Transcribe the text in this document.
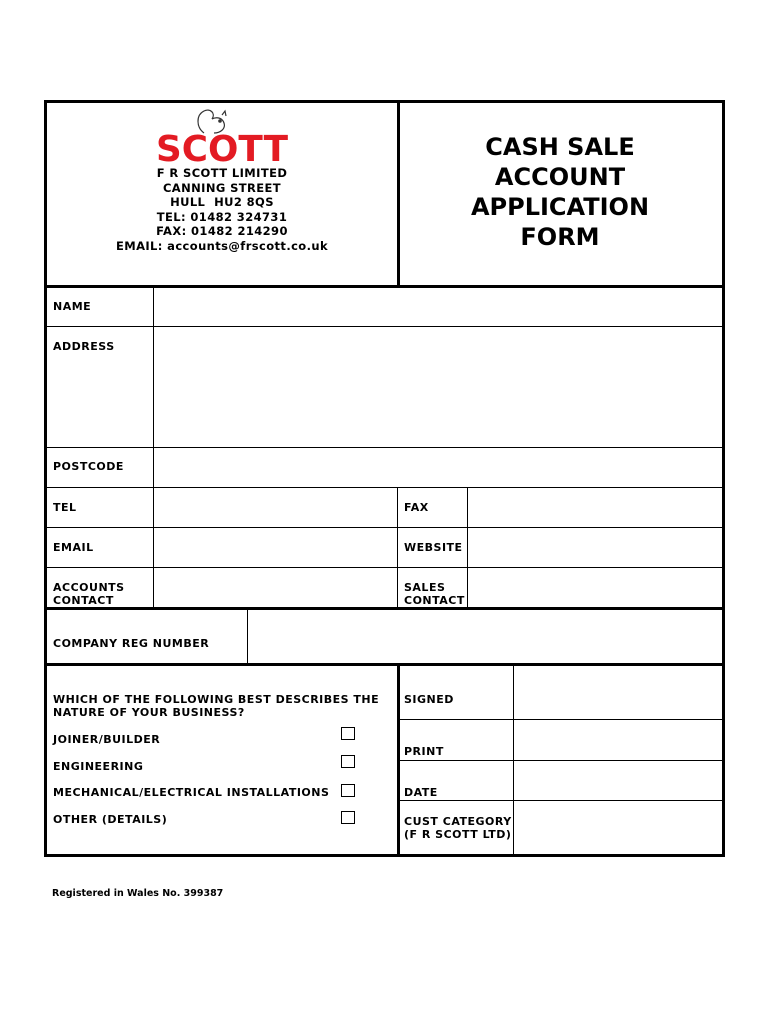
SCOTT
F R SCOTT LIMITED
CANNING STREET
HULL  HU2 8QS
TEL: 01482 324731
FAX: 01482 214290
EMAIL: accounts@frscott.co.uk
CASH SALE
ACCOUNT
APPLICATION
FORM
NAME
ADDRESS
POSTCODE
TEL	FAX
EMAIL	WEBSITE
ACCOUNTS
CONTACT
SALES
CONTACT
COMPANY REG NUMBER
WHICH OF THE FOLLOWING BEST DESCRIBES THE
NATURE OF YOUR BUSINESS?
JOINER/BUILDER
ENGINEERING
MECHANICAL/ELECTRICAL INSTALLATIONS
OTHER (DETAILS)
SIGNED
PRINT
DATE
CUST CATEGORY
(F R SCOTT LTD)
Registered in Wales No. 399387
